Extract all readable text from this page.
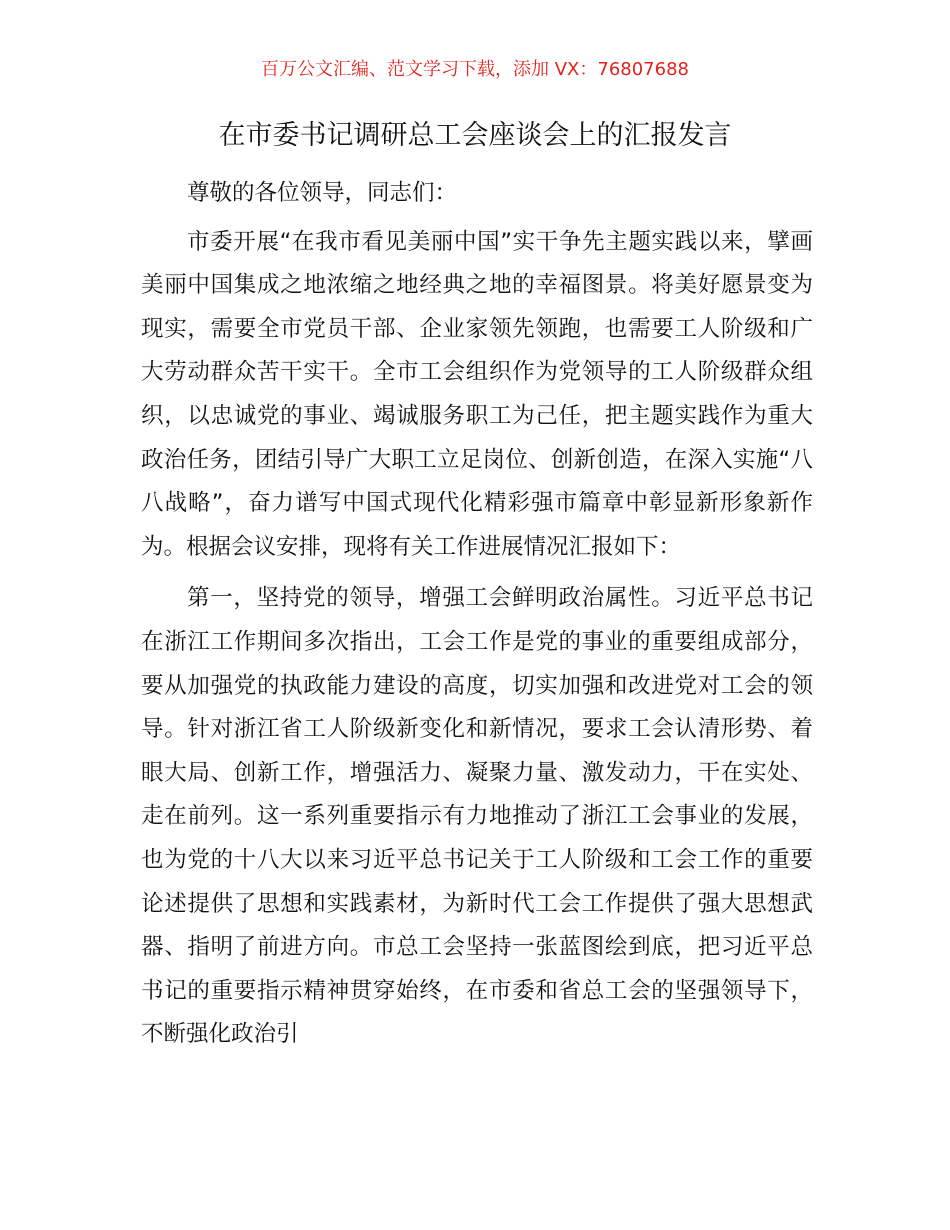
百万公文汇编、范文学习下载，添加 VX：76807688
在市委书记调研总工会座谈会上的汇报发言

尊敬的各位领导，同志们：

市委开展“在我市看见美丽中国”实干争先主题实践以来，擘画美丽中国集成之地浓缩之地经典之地的幸福图景。将美好愿景变为现实，需要全市党员干部、企业家领先领跑，也需要工人阶级和广大劳动群众苦干实干。全市工会组织作为党领导的工人阶级群众组织，以忠诚党的事业、竭诚服务职工为己任，把主题实践作为重大政治任务，团结引导广大职工立足岗位、创新创造，在深入实施“八八战略”，奋力谱写中国式现代化精彩强市篇章中彰显新形象新作为。根据会议安排，现将有关工作进展情况汇报如下：

第一，坚持党的领导，增强工会鲜明政治属性。习近平总书记在浙江工作期间多次指出，工会工作是党的事业的重要组成部分，要从加强党的执政能力建设的高度，切实加强和改进党对工会的领导。针对浙江省工人阶级新变化和新情况，要求工会认清形势、着眼大局、创新工作，增强活力、凝聚力量、激发动力，干在实处、走在前列。这一系列重要指示有力地推动了浙江工会事业的发展，也为党的十八大以来习近平总书记关于工人阶级和工会工作的重要论述提供了思想和实践素材，为新时代工会工作提供了强大思想武器、指明了前进方向。市总工会坚持一张蓝图绘到底，把习近平总书记的重要指示精神贯穿始终，在市委和省总工会的坚强领导下，不断强化政治引
